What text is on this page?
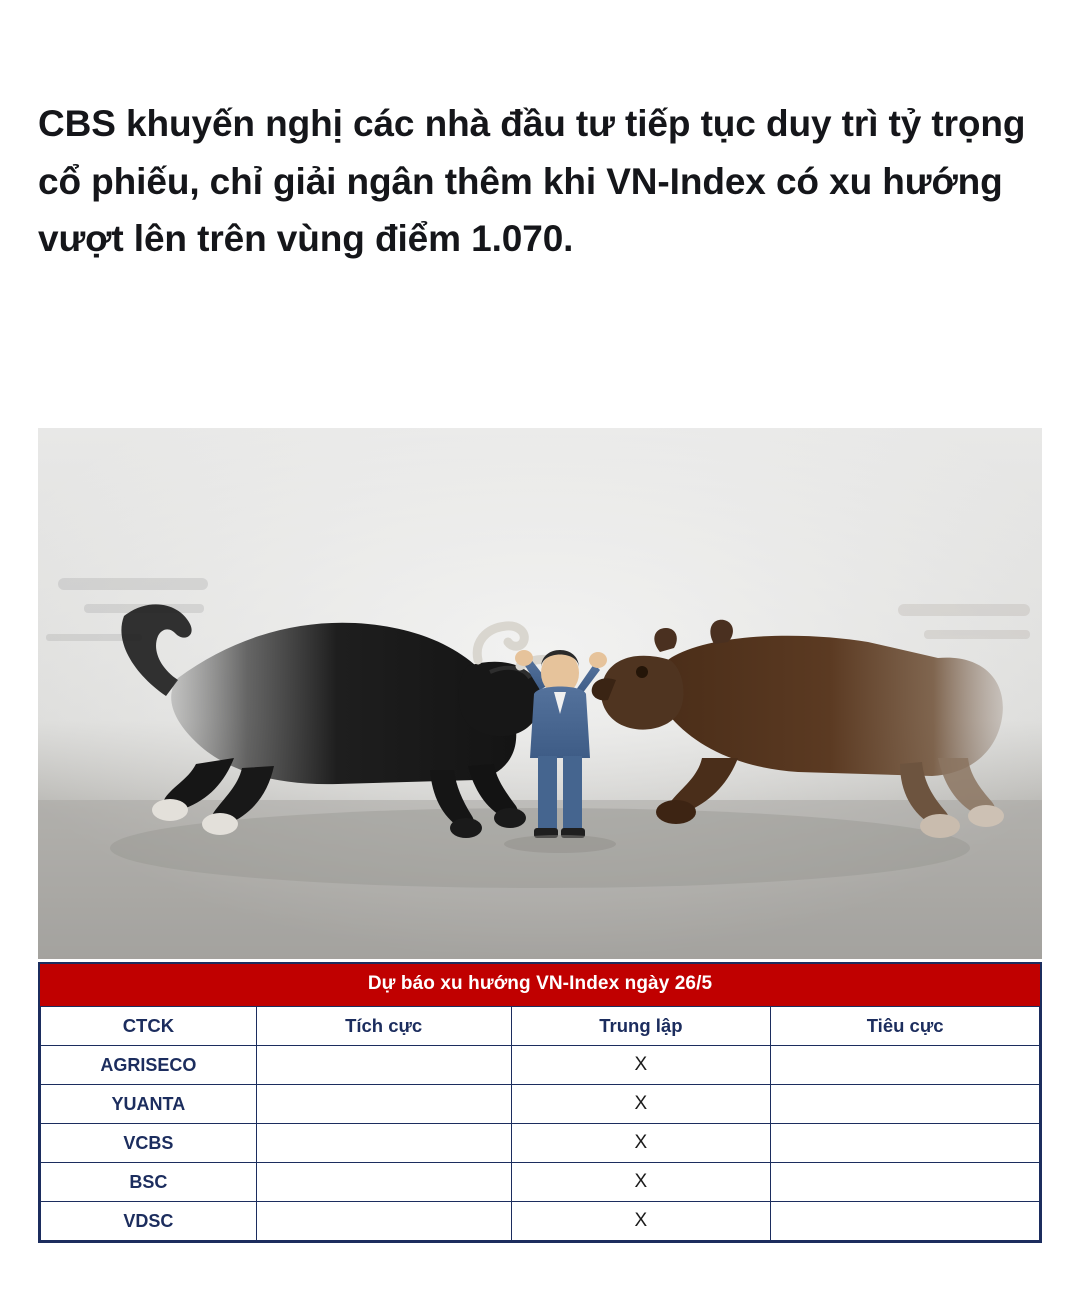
CBS khuyến nghị các nhà đầu tư tiếp tục duy trì tỷ trọng cổ phiếu, chỉ giải ngân thêm khi VN-Index có xu hướng vượt lên trên vùng điểm 1.070.

Dự báo xu hướng VN-Index ngày 26/5
CTCK	Tích cực	Trung lập	Tiêu cực
AGRISECO		X	
YUANTA		X	
VCBS		X	
BSC		X	
VDSC		X	
